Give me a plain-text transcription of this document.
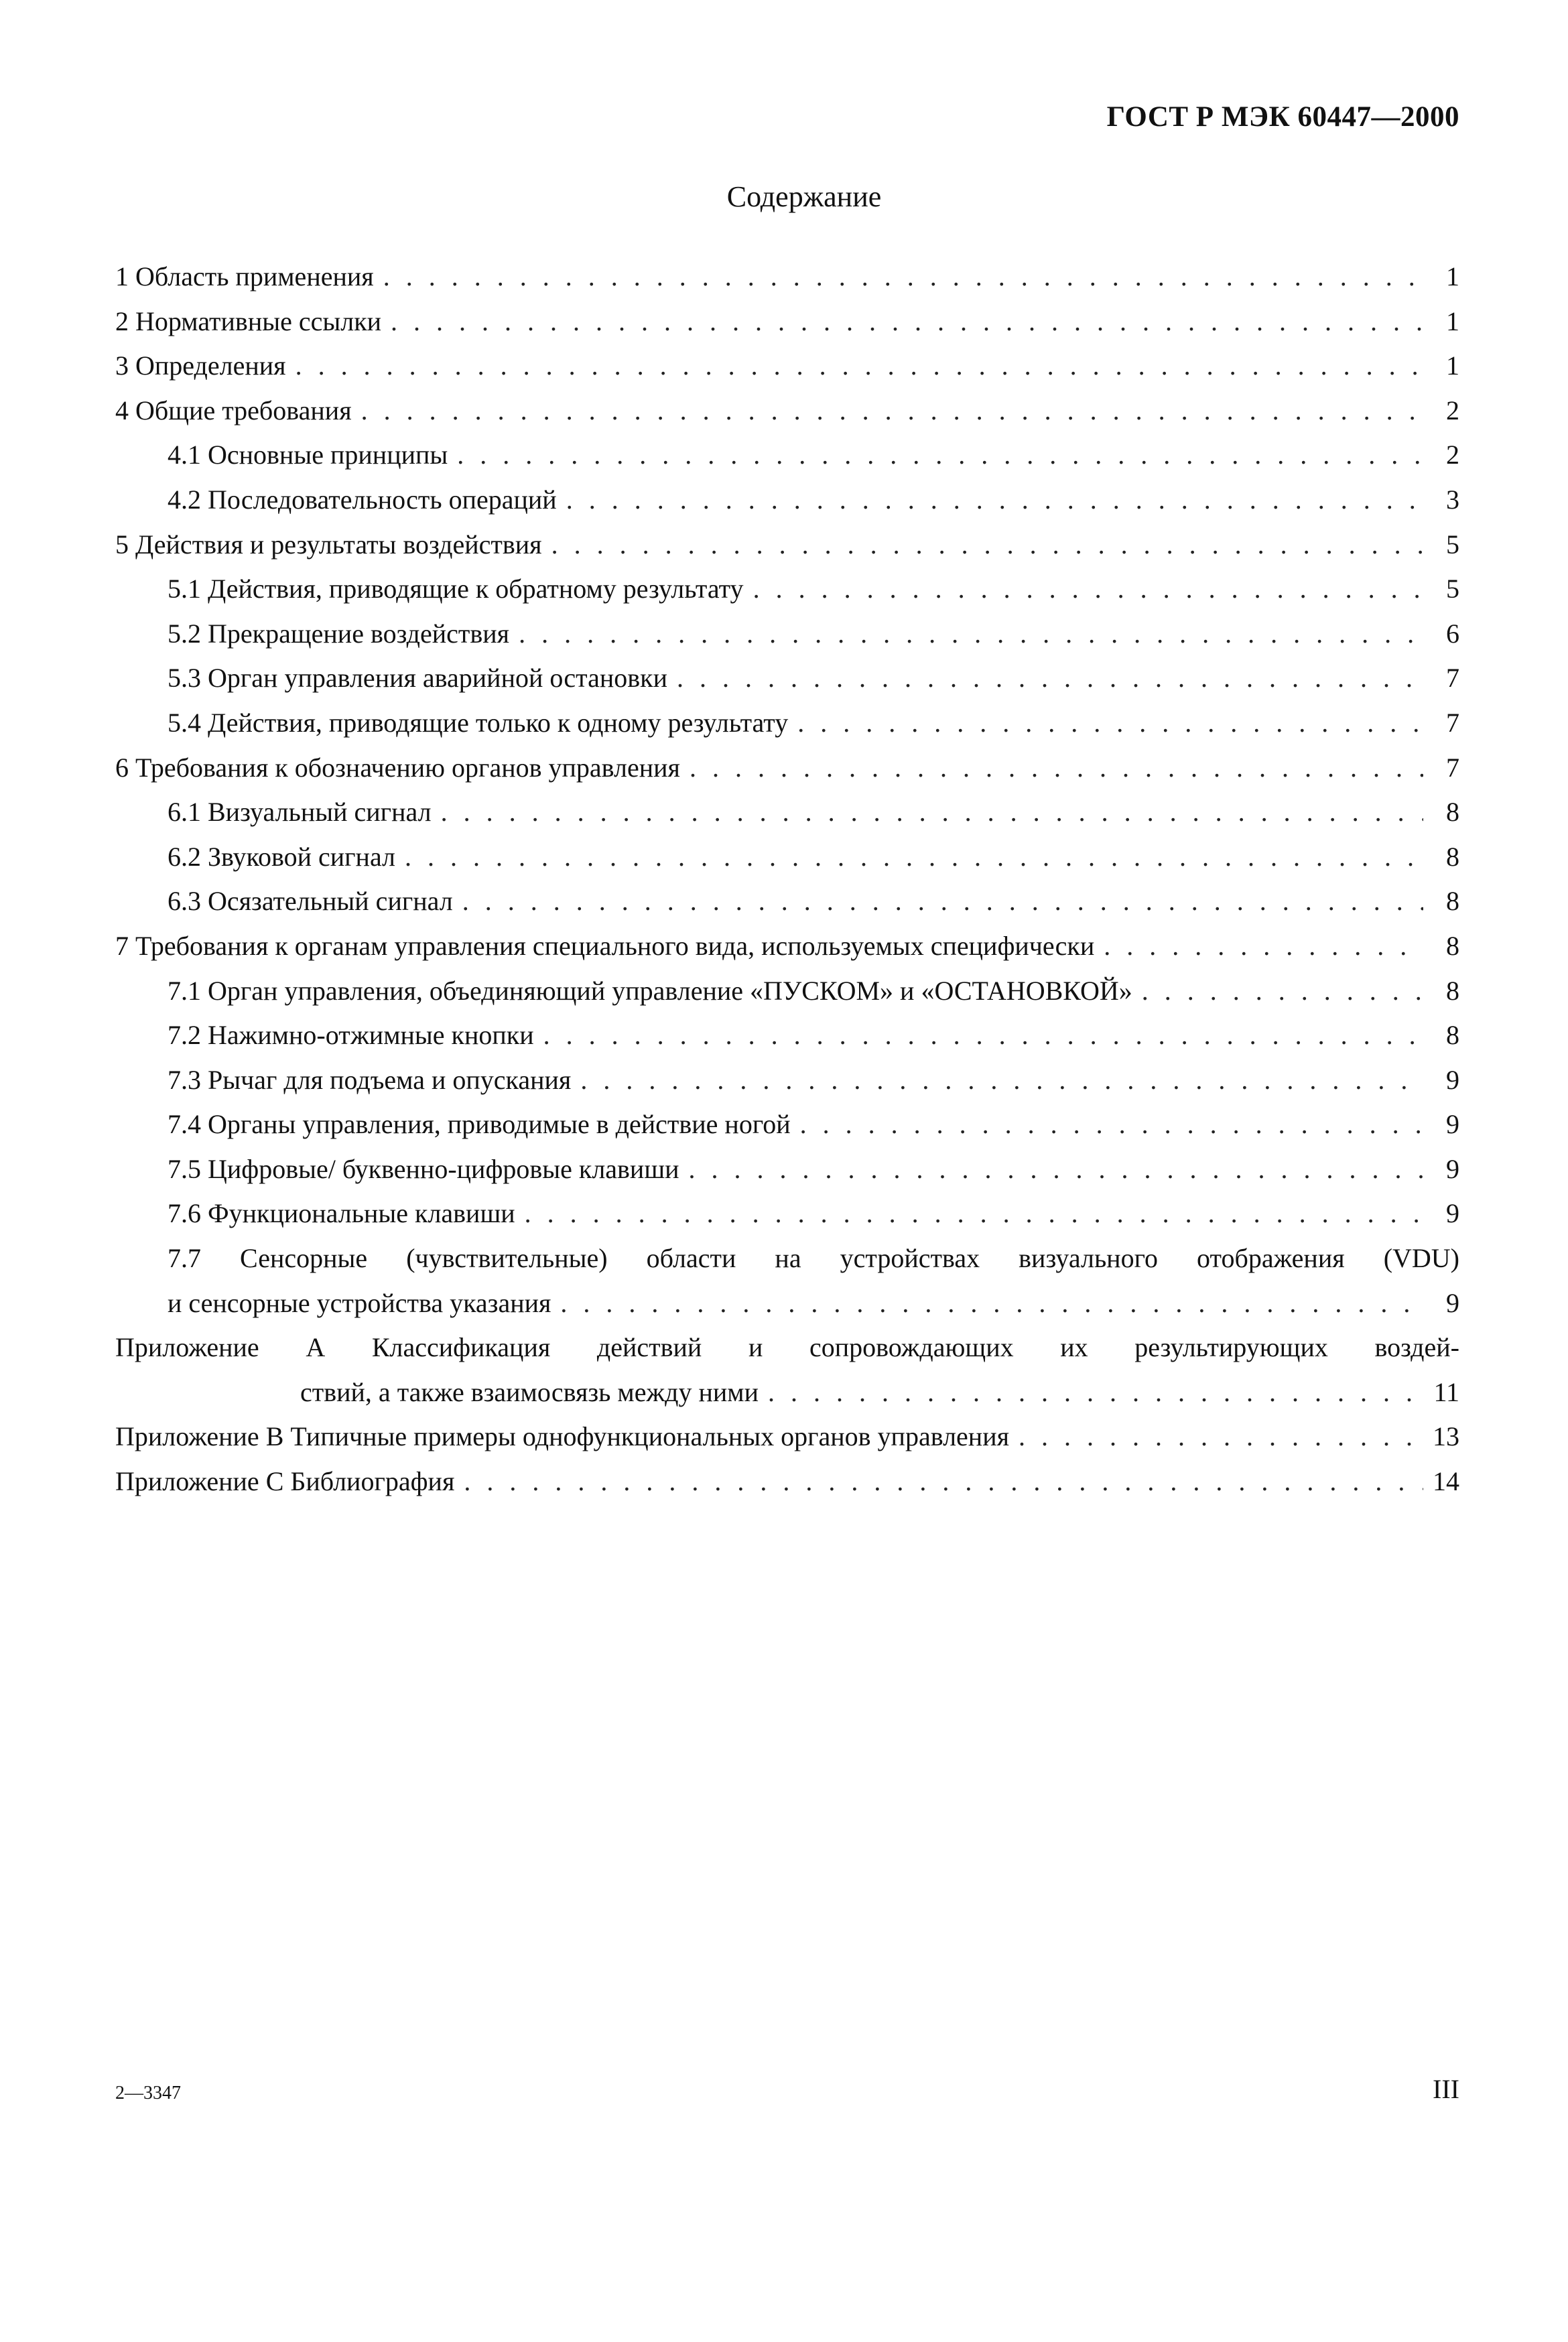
ГОСТ Р МЭК 60447—2000
Содержание
1 Область применения . . .	1
2 Нормативные ссылки . . .	1
3 Определения . . .	1
4 Общие требования . . .	2
4.1 Основные принципы . . .	2
4.2 Последовательность операций . . .	3
5 Действия и результаты воздействия . . .	5
5.1 Действия, приводящие к обратному результату . . .	5
5.2 Прекращение воздействия . . .	6
5.3 Орган управления аварийной остановки . . .	7
5.4 Действия, приводящие только к одному результату . . .	7
6 Требования к обозначению органов управления . . .	7
6.1 Визуальный сигнал . . .	8
6.2 Звуковой сигнал . . .	8
6.3 Осязательный сигнал . . .	8
7 Требования к органам управления специального вида, используемых специфически . . .	8
7.1 Орган управления, объединяющий управление «ПУСКОМ» и «ОСТАНОВКОЙ» . . .	8
7.2 Нажимно-отжимные кнопки . . .	8
7.3 Рычаг для подъема и опускания . . .	9
7.4 Органы управления, приводимые в действие ногой . . .	9
7.5 Цифровые/ буквенно-цифровые клавиши . . .	9
7.6 Функциональные клавиши . . .	9
7.7 Сенсорные (чувствительные) области на устройствах визуального отображения (VDU)
и сенсорные устройства указания . . .	9
Приложение А Классификация действий и сопровождающих их результирующих воздей-
ствий, а также взаимосвязь между ними . . .	11
Приложение В Типичные примеры однофункциональных органов управления . . .	13
Приложение С Библиография . . .	14
2—3347	III
